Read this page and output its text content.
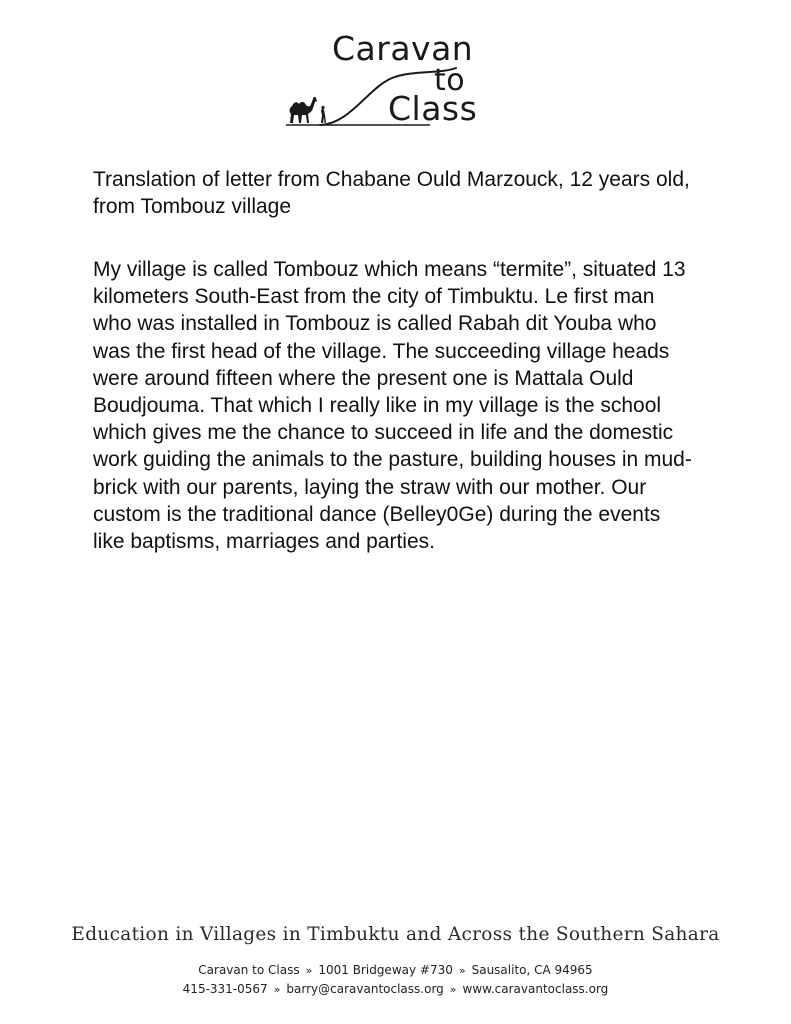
Caravan
to
Class

Translation of letter from Chabane Ould Marzouck, 12 years old, from Tombouz village

My village is called Tombouz which means “termite”, situated 13 kilometers South-East from the city of Timbuktu. Le first man who was installed in Tombouz is called Rabah dit Youba who was the first head of the village. The succeeding village heads were around fifteen where the present one is Mattala Ould Boudjouma. That which I really like in my village is the school which gives me the chance to succeed in life and the domestic work guiding the animals to the pasture, building houses in mud-brick with our parents, laying the straw with our mother. Our custom is the traditional dance (Belley0Ge) during the events like baptisms, marriages and parties.

Education in Villages in Timbuktu and Across the Southern Sahara
Caravan to Class » 1001 Bridgeway #730 » Sausalito, CA 94965
415-331-0567 » barry@caravantoclass.org » www.caravantoclass.org
